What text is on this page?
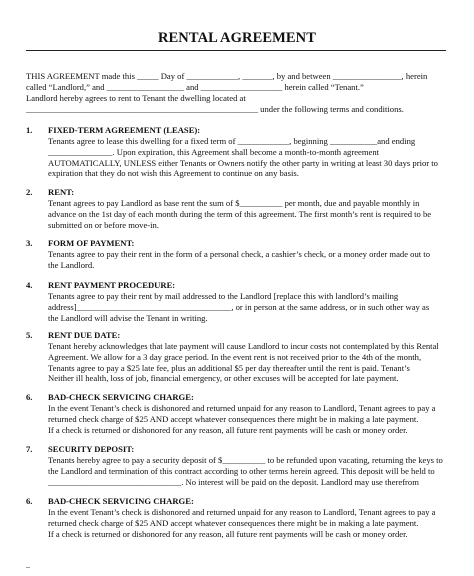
RENTAL AGREEMENT
THIS AGREEMENT made this _____ Day of ____________, _______, by and between ________________, herein
called “Landlord,” and __________________ and ___________________ herein called “Tenant.”
Landlord hereby agrees to rent to Tenant the dwelling located at
______________________________________________________ under the following terms and conditions.
1. FIXED-TERM AGREEMENT (LEASE):
Tenants agree to lease this dwelling for a fixed term of ____________, beginning ___________and ending
_______________. Upon expiration, this Agreement shall become a month-to-month agreement
AUTOMATICALLY, UNLESS either Tenants or Owners notify the other party in writing at least 30 days prior to
expiration that they do not wish this Agreement to continue on any basis.
2. RENT:
Tenant agrees to pay Landlord as base rent the sum of $__________ per month, due and payable monthly in
advance on the 1st day of each month during the term of this agreement. The first month’s rent is required to be
submitted on or before move-in.
3. FORM OF PAYMENT:
Tenants agree to pay their rent in the form of a personal check, a cashier’s check, or a money order made out to
the Landlord.
4. RENT PAYMENT PROCEDURE:
Tenants agree to pay their rent by mail addressed to the Landlord [replace this with landlord’s mailing
address]____________________________________, or in person at the same address, or in such other way as
the Landlord will advise the Tenant in writing.
5. RENT DUE DATE:
Tenant hereby acknowledges that late payment will cause Landlord to incur costs not contemplated by this Rental
Agreement. We allow for a 3 day grace period. In the event rent is not received prior to the 4th of the month,
Tenants agree to pay a $25 late fee, plus an additional $5 per day thereafter until the rent is paid. Tenant’s
Neither ill health, loss of job, financial emergency, or other excuses will be accepted for late payment.
6. BAD-CHECK SERVICING CHARGE:
In the event Tenant’s check is dishonored and returned unpaid for any reason to Landlord, Tenant agrees to pay a
returned check charge of $25 AND accept whatever consequences there might be in making a late payment.
If a check is returned or dishonored for any reason, all future rent payments will be cash or money order.
7. SECURITY DEPOSIT:
Tenants hereby agree to pay a security deposit of $__________ to be refunded upon vacating, returning the keys to
the Landlord and termination of this contract according to other terms herein agreed. This deposit will be held to
_______________________________. No interest will be paid on the deposit. Landlord may use therefrom
6. BAD-CHECK SERVICING CHARGE:
In the event Tenant’s check is dishonored and returned unpaid for any reason to Landlord, Tenant agrees to pay a
returned check charge of $25 AND accept whatever consequences there might be in making a late payment.
If a check is returned or dishonored for any reason, all future rent payments will be cash or money order.
_
